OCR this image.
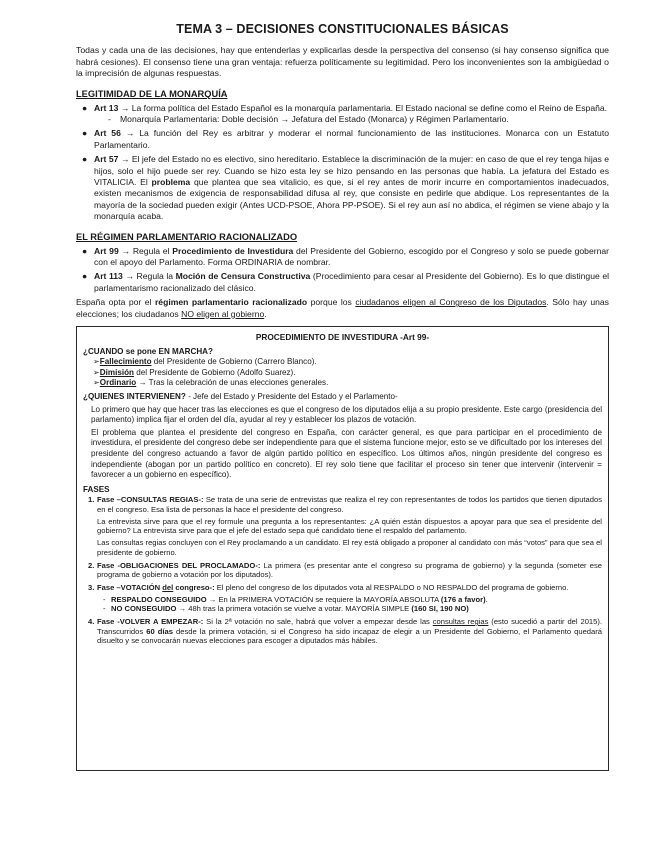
TEMA 3 – DECISIONES CONSTITUCIONALES BÁSICAS

Todas y cada una de las decisiones, hay que entenderlas y explicarlas desde la perspectiva del consenso (si hay consenso significa que habrá cesiones). El consenso tiene una gran ventaja: refuerza políticamente su legitimidad. Pero los inconvenientes son la ambigüedad o la imprecisión de algunas respuestas.

LEGITIMIDAD DE LA MONARQUÍA
● Art 13 → La forma política del Estado Español es la monarquía parlamentaria. El Estado nacional se define como el Reino de España.
- Monarquía Parlamentaria: Doble decisión → Jefatura del Estado (Monarca) y Régimen Parlamentario.
● Art 56 → La función del Rey es arbitrar y moderar el normal funcionamiento de las instituciones. Monarca con un Estatuto Parlamentario.
● Art 57 → El jefe del Estado no es electivo, sino hereditario. Establece la discriminación de la mujer: en caso de que el rey tenga hijas e hijos, solo el hijo puede ser rey. Cuando se hizo esta ley se hizo pensando en las personas que había. La jefatura del Estado es VITALICIA. El problema que plantea que sea vitalicio, es que, si el rey antes de morir incurre en comportamientos inadecuados, existen mecanismos de exigencia de responsabilidad difusa al rey, que consiste en pedirle que abdique. Los representantes de la mayoría de la sociedad pueden exigir (Antes UCD-PSOE, Ahora PP-PSOE). Si el rey aun así no abdica, el régimen se viene abajo y la monarquía acaba.
EL RÉGIMEN PARLAMENTARIO RACIONALIZADO
● Art 99 → Regula el Procedimiento de Investidura del Presidente del Gobierno, escogido por el Congreso y solo se puede gobernar con el apoyo del Parlamento. Forma ORDINARIA de nombrar.
● Art 113 → Regula la Moción de Censura Constructiva (Procedimiento para cesar al Presidente del Gobierno). Es lo que distingue el parlamentarismo racionalizado del clásico.

España opta por el régimen parlamentario racionalizado porque los ciudadanos eligen al Congreso de los Diputados. Sólo hay unas elecciones; los ciudadanos NO eligen al gobierno.

PROCEDIMIENTO DE INVESTIDURA -Art 99-
¿CUANDO se pone EN MARCHA?
➢Fallecimiento del Presidente de Gobierno (Carrero Blanco).
➢Dimisión del Presidente de Gobierno (Adolfo Suarez).
➢Ordinario → Tras la celebración de unas elecciones generales.
¿QUIENES INTERVIENEN? - Jefe del Estado y Presidente del Estado y el Parlamento-

Lo primero que hay que hacer tras las elecciones es que el congreso de los diputados elija a su propio presidente. Este cargo (presidencia del parlamento) implica fijar el orden del día, ayudar al rey y establecer los plazos de votación.

El problema que plantea el presidente del congreso en España, con carácter general, es que para participar en el procedimiento de investidura, el presidente del congreso debe ser independiente para que el sistema funcione mejor, esto se ve dificultado por los intereses del presidente del congreso actuando a favor de algún partido político en específico. Los últimos años, ningún presidente del congreso es independiente (abogan por un partido político en concreto). El rey solo tiene que facilitar el proceso sin tener que intervenir (intervenir = favorecer a un gobierno en específico).

FASES
1. Fase –CONSULTAS REGIAS-: Se trata de una serie de entrevistas que realiza el rey con representantes de todos los partidos que tienen diputados en el congreso. Esa lista de personas la hace el presidente del congreso.
La entrevista sirve para que el rey formule una pregunta a los representantes: ¿A quién están dispuestos a apoyar para que sea el presidente del gobierno? La entrevista sirve para que el jefe del estado sepa qué candidato tiene el respaldo del parlamento.
Las consultas regias concluyen con el Rey proclamando a un candidato. El rey está obligado a proponer al candidato con más “votos” para que sea el presidente de gobierno.
2. Fase -OBLIGACIONES DEL PROCLAMADO-: La primera (es presentar ante el congreso su programa de gobierno) y la segunda (someter ese programa de gobierno a votación por los diputados).
3. Fase –VOTACIÓN del congreso-: El pleno del congreso de los diputados vota al RESPALDO o NO RESPALDO del programa de gobierno.
- RESPALDO CONSEGUIDO → En la PRIMERA VOTACIÓN se requiere la MAYORÍA ABSOLUTA (176 a favor).
- NO CONSEGUIDO → 48h tras la primera votación se vuelve a votar. MAYORÍA SIMPLE (160 SI, 190 NO)
4. Fase -VOLVER A EMPEZAR-: Si la 2ª votación no sale, habrá que volver a empezar desde las consultas regias (esto sucedió a partir del 2015). Transcurridos 60 días desde la primera votación, si el Congreso ha sido incapaz de elegir a un Presidente del Gobierno, el Parlamento quedará disuelto y se convocarán nuevas elecciones para escoger a diputados más hábiles.
